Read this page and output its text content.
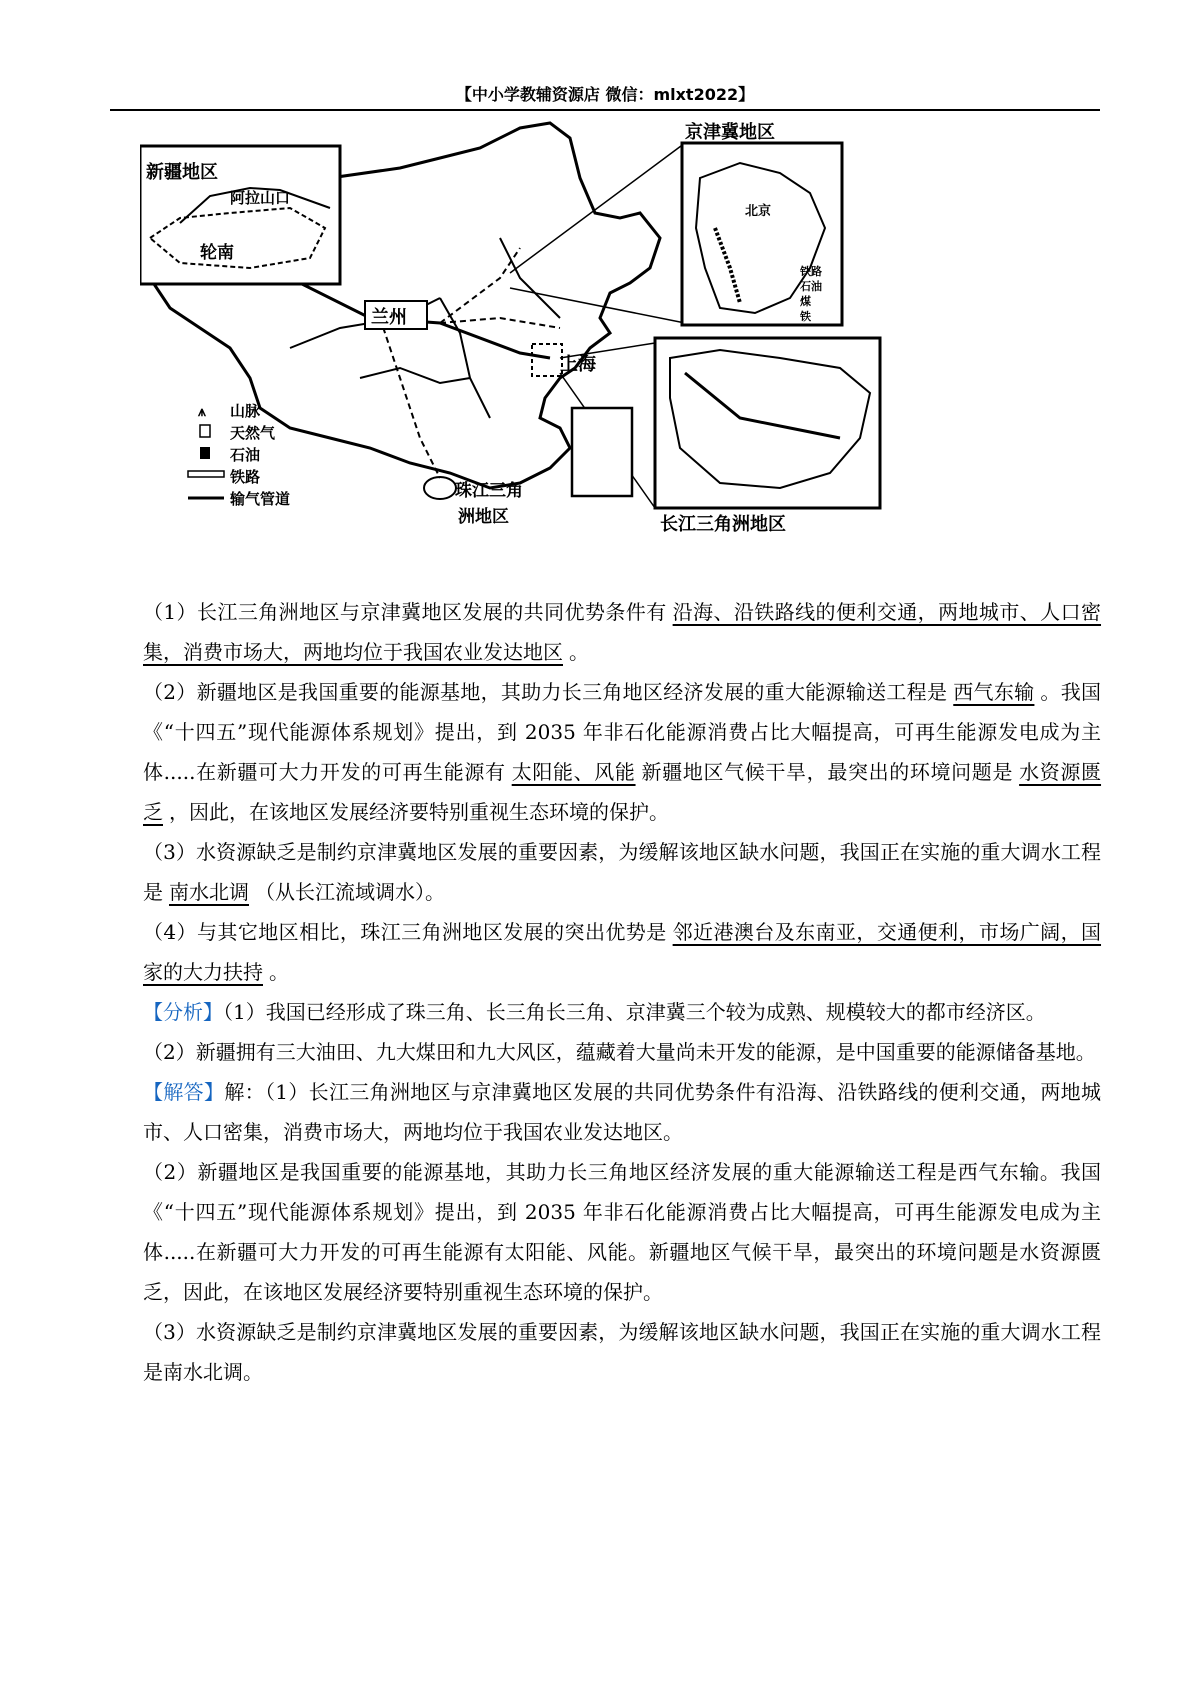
【中小学教辅资源店 微信：mlxt2022】
新疆地区
阿拉山口
轮南
兰州
上海
京津冀地区
北京
铁路
石油
煤
铁
长江三角洲地区
珠江三角
洲地区
⩚ 山脉
天然气
石油
铁路
输气管道

（1）长江三角洲地区与京津冀地区发展的共同优势条件有 沿海、沿铁路线的便利交通，两地城市、人口密集，消费市场大，两地均位于我国农业发达地区 。

（2）新疆地区是我国重要的能源基地，其助力长三角地区经济发展的重大能源输送工程是 西气东输 。我国《“十四五”现代能源体系规划》提出，到 2035 年非石化能源消费占比大幅提高，可再生能源发电成为主体.....在新疆可大力开发的可再生能源有 太阳能、风能 新疆地区气候干旱，最突出的环境问题是 水资源匮乏 ，因此，在该地区发展经济要特别重视生态环境的保护。

（3）水资源缺乏是制约京津冀地区发展的重要因素，为缓解该地区缺水问题，我国正在实施的重大调水工程是 南水北调 （从长江流域调水）。

（4）与其它地区相比，珠江三角洲地区发展的突出优势是 邻近港澳台及东南亚，交通便利，市场广阔，国家的大力扶持 。

【分析】（1）我国已经形成了珠三角、长三角长三角、京津冀三个较为成熟、规模较大的都市经济区。

（2）新疆拥有三大油田、九大煤田和九大风区，蕴藏着大量尚未开发的能源，是中国重要的能源储备基地。

【解答】解：（1）长江三角洲地区与京津冀地区发展的共同优势条件有沿海、沿铁路线的便利交通，两地城市、人口密集，消费市场大，两地均位于我国农业发达地区。

（2）新疆地区是我国重要的能源基地，其助力长三角地区经济发展的重大能源输送工程是西气东输。我国《“十四五”现代能源体系规划》提出，到 2035 年非石化能源消费占比大幅提高，可再生能源发电成为主体.....在新疆可大力开发的可再生能源有太阳能、风能。新疆地区气候干旱，最突出的环境问题是水资源匮乏，因此，在该地区发展经济要特别重视生态环境的保护。

（3）水资源缺乏是制约京津冀地区发展的重要因素，为缓解该地区缺水问题，我国正在实施的重大调水工程是南水北调。
